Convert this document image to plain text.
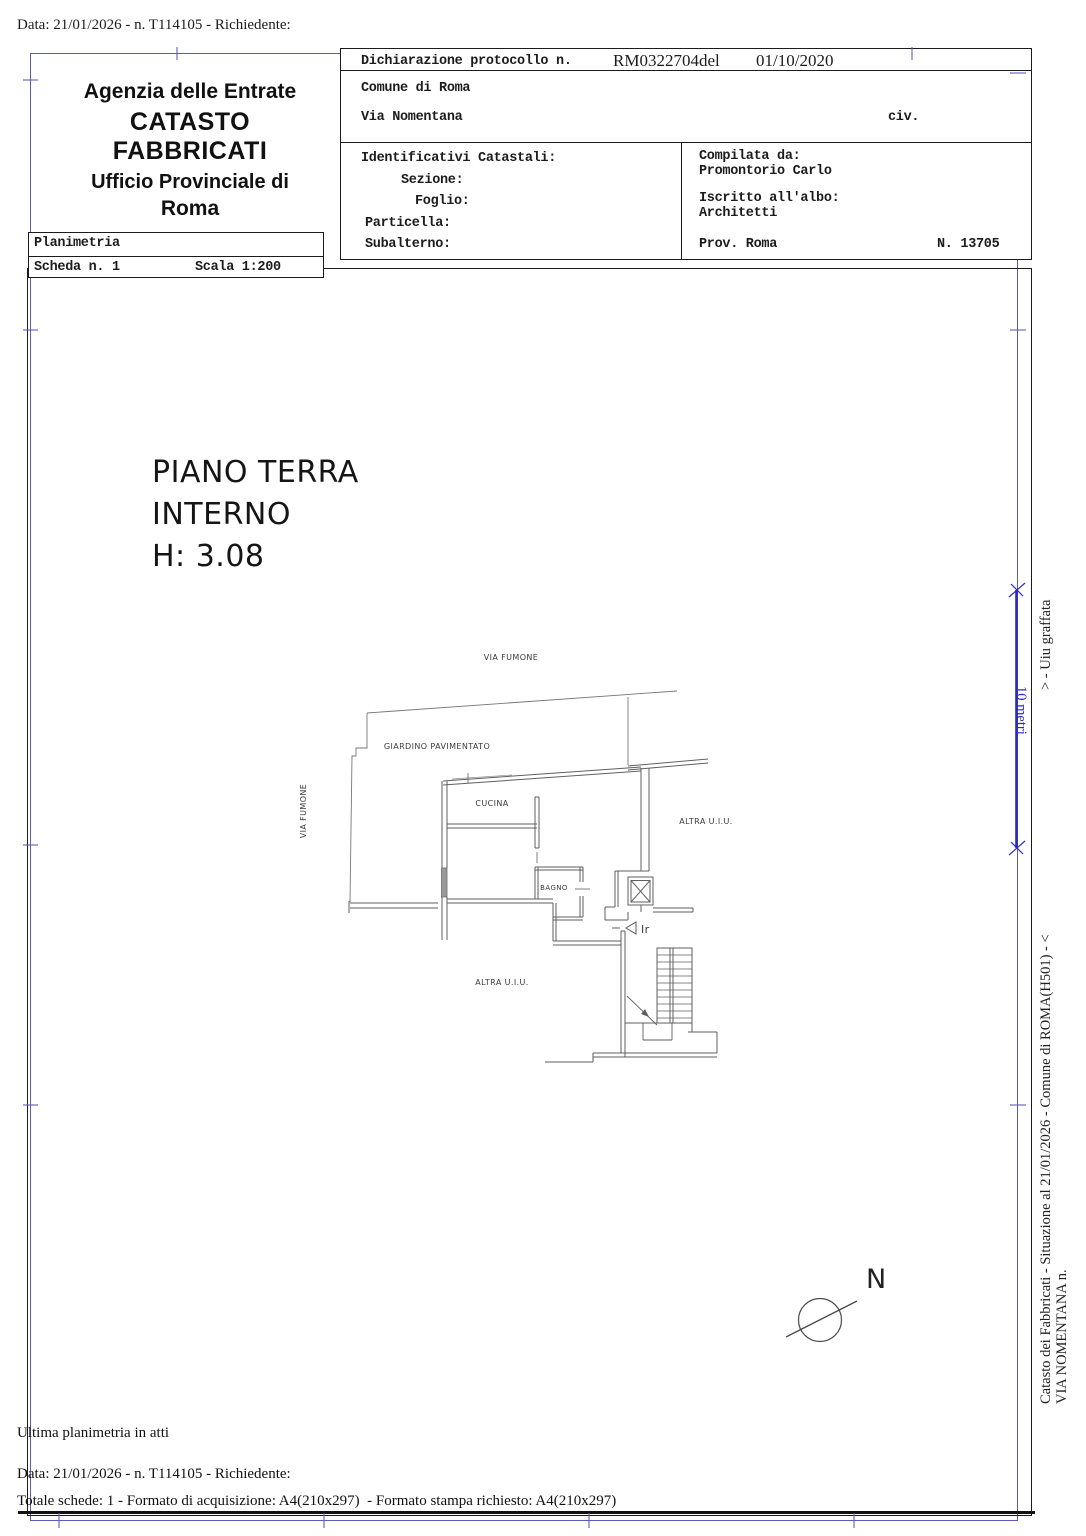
Data: 21/01/2026 - n. T114105 - Richiedente:
Agenzia delle Entrate
CATASTO FABBRICATI
Ufficio Provinciale di
Roma
Planimetria
Scheda n. 1	Scala 1:200
Dichiarazione protocollo n. RM0322704del 01/10/2020
Comune di Roma
Via Nomentana	civ.
Identificativi Catastali:
Sezione:
Foglio:
Particella:
Subalterno:
Compilata da:
Promontorio Carlo
Iscritto all'albo:
Architetti
Prov. Roma	N. 13705
PIANO TERRA
INTERNO
H: 3.08
VIA FUMONE
GIARDINO PAVIMENTATO
CUCINA
BAGNO
ALTRA U.I.U.
ALTRA U.I.U.
VIA FUMONE
Ir
N
10 metri
> - Uiu graffata
Catasto dei Fabbricati - Situazione al 21/01/2026 - Comune di ROMA(H501) - < VIA NOMENTANA n.
Ultima planimetria in atti
Data: 21/01/2026 - n. T114105 - Richiedente:
Totale schede: 1 - Formato di acquisizione: A4(210x297)  - Formato stampa richiesto: A4(210x297)
